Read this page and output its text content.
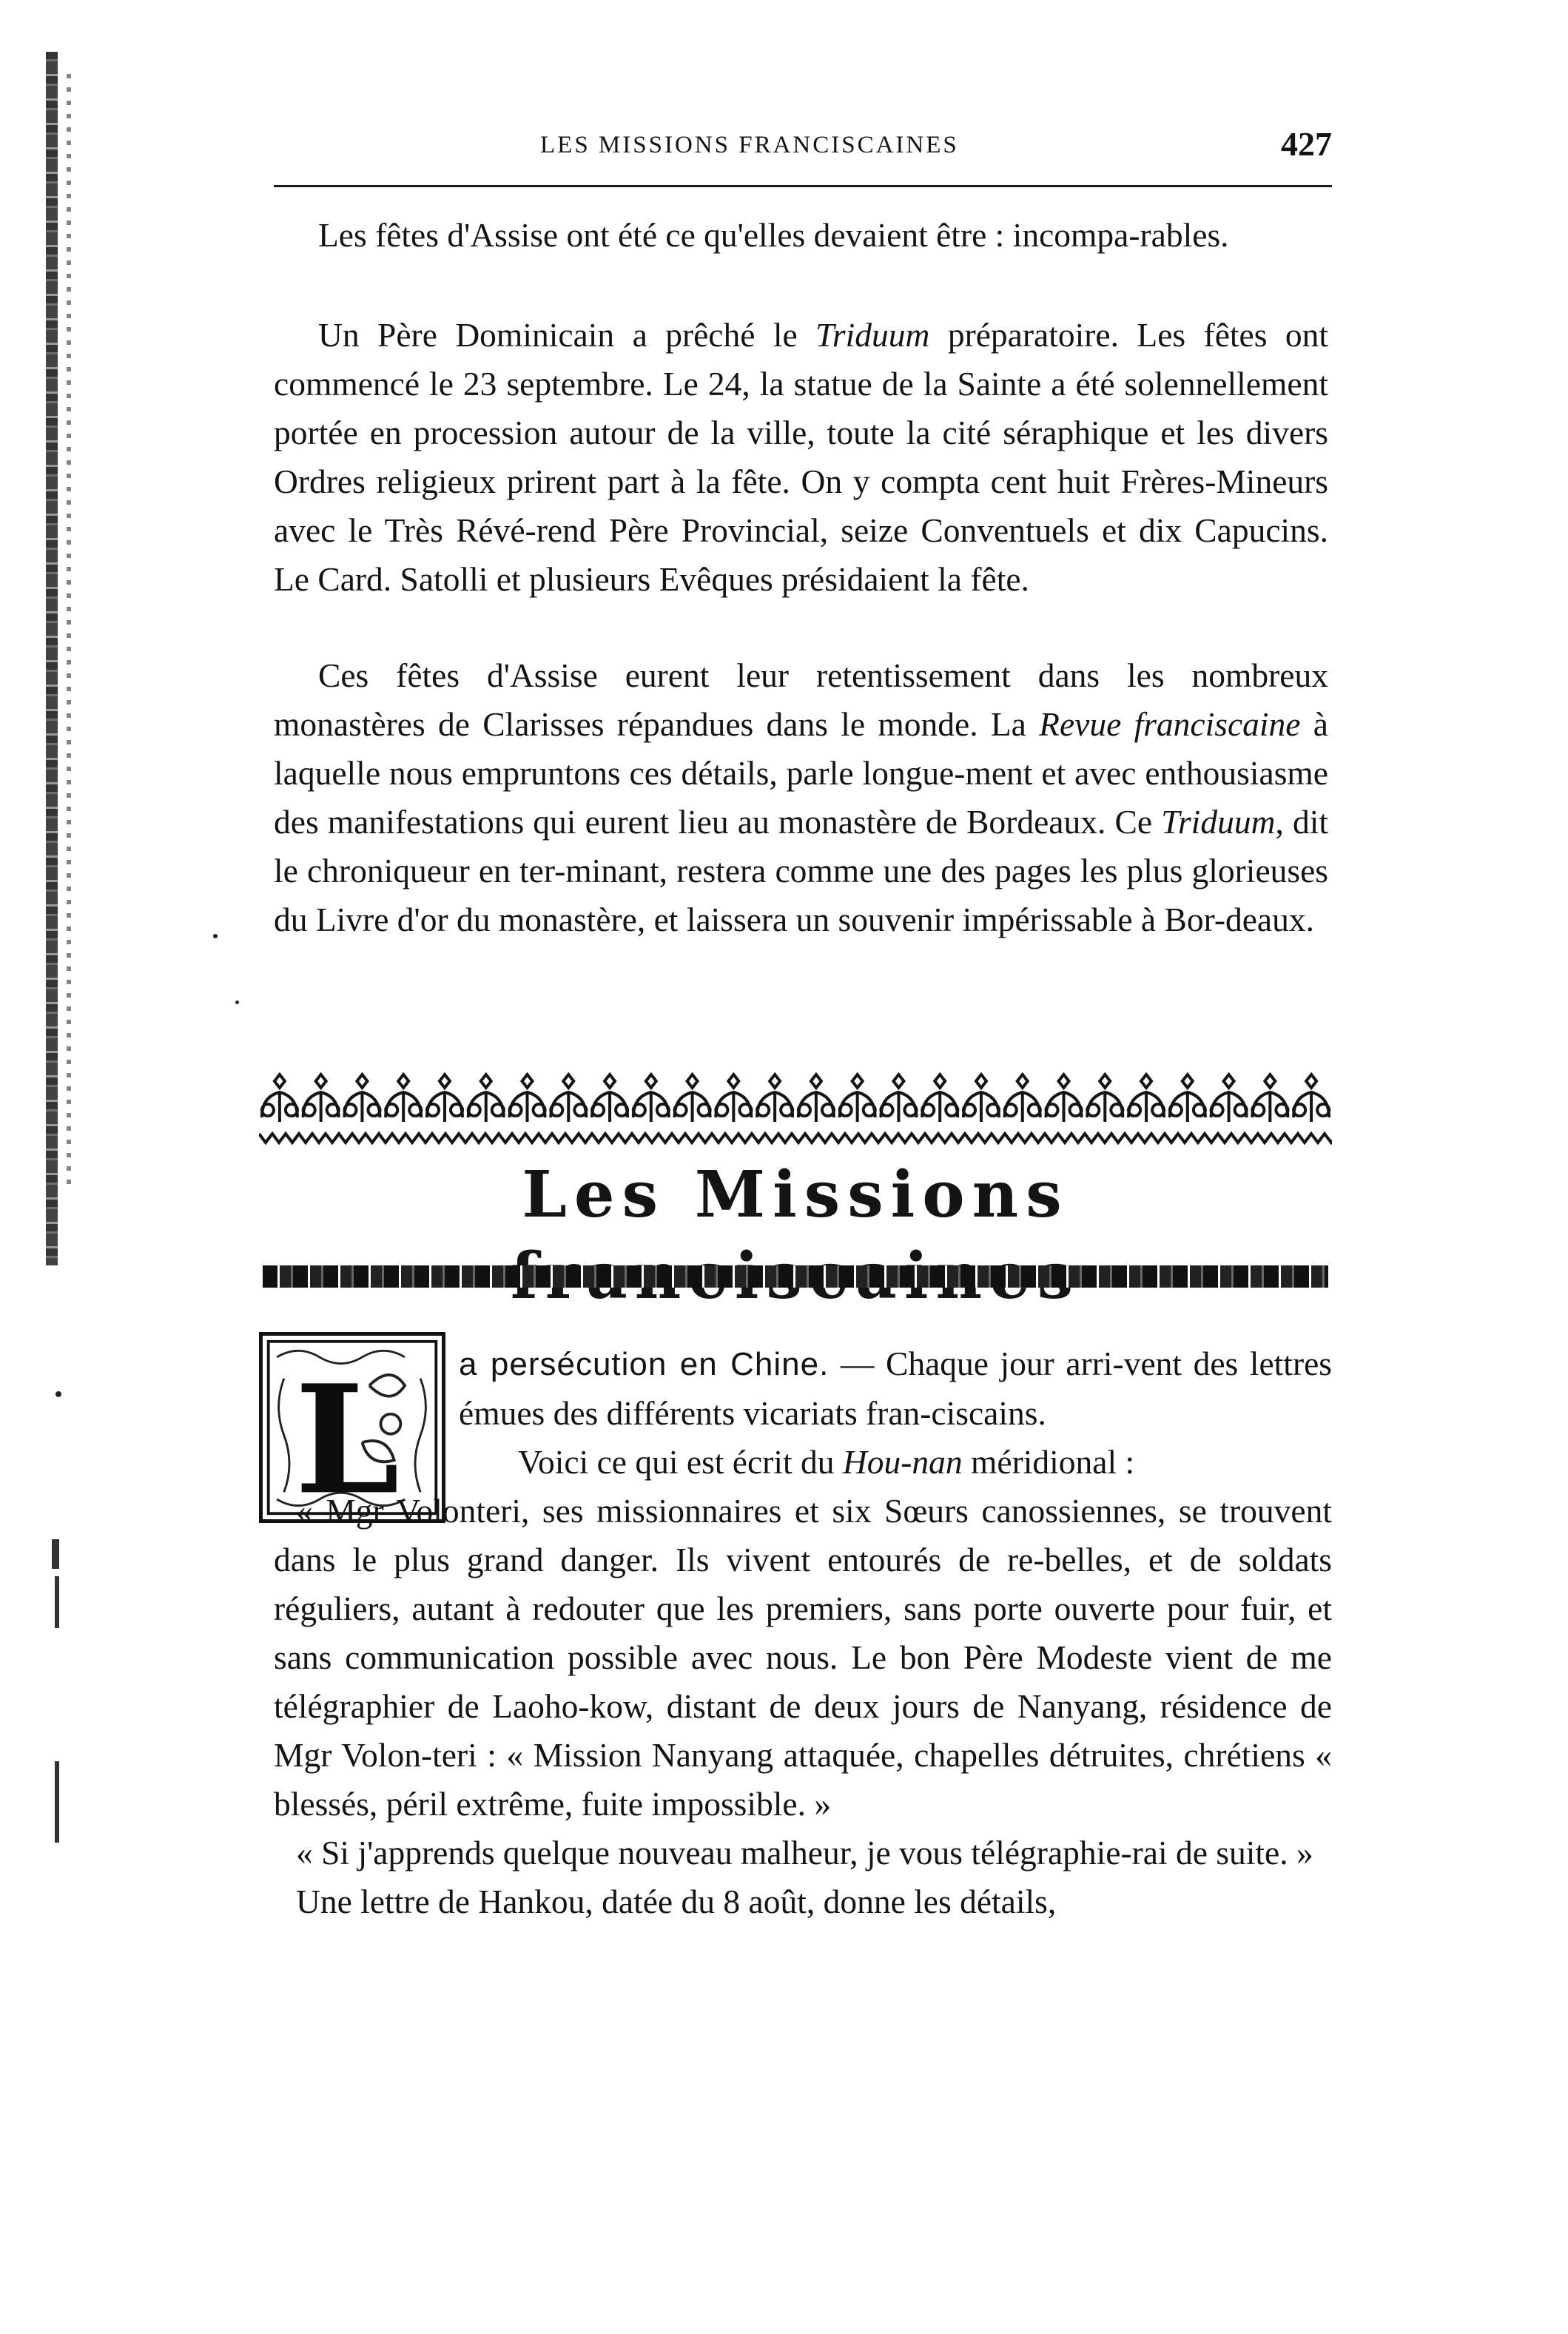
427
LES MISSIONS FRANCISCAINES

Les fêtes d'Assise ont été ce qu'elles devaient être : incompa-rables.

Un Père Dominicain a prêché le Triduum préparatoire. Les fêtes ont commencé le 23 septembre. Le 24, la statue de la Sainte a été solennellement portée en procession autour de la ville, toute la cité séraphique et les divers Ordres religieux prirent part à la fête. On y compta cent huit Frères-Mineurs avec le Très Révé-rend Père Provincial, seize Conventuels et dix Capucins. Le Card. Satolli et plusieurs Evêques présidaient la fête.

Ces fêtes d'Assise eurent leur retentissement dans les nombreux monastères de Clarisses répandues dans le monde. La Revue franciscaine à laquelle nous empruntons ces détails, parle longue-ment et avec enthousiasme des manifestations qui eurent lieu au monastère de Bordeaux. Ce Triduum, dit le chroniqueur en ter-minant, restera comme une des pages les plus glorieuses du Livre d'or du monastère, et laissera un souvenir impérissable à Bor-deaux.

Les Missions
L a persécution en Chine. — Chaque jour arri-vent des lettres émues des différents vicariats fran-ciscains.

Voici ce qui est écrit du Hou-nan méridional :

« Mgr Volonteri, ses missionnaires et six Sœurs canossiennes, se trouvent dans le plus grand danger. Ils vivent entourés de re-belles, et de soldats réguliers, autant à redouter que les premiers, sans porte ouverte pour fuir, et sans communication possible avec nous. Le bon Père Modeste vient de me télégraphier de Laoho-kow, distant de deux jours de Nanyang, résidence de Mgr Volon-teri : « Mission Nanyang attaquée, chapelles détruites, chrétiens « blessés, péril extrême, fuite impossible. »

« Si j'apprends quelque nouveau malheur, je vous télégraphie-rai de suite. »

Une lettre de Hankou, datée du 8 août, donne les détails,
